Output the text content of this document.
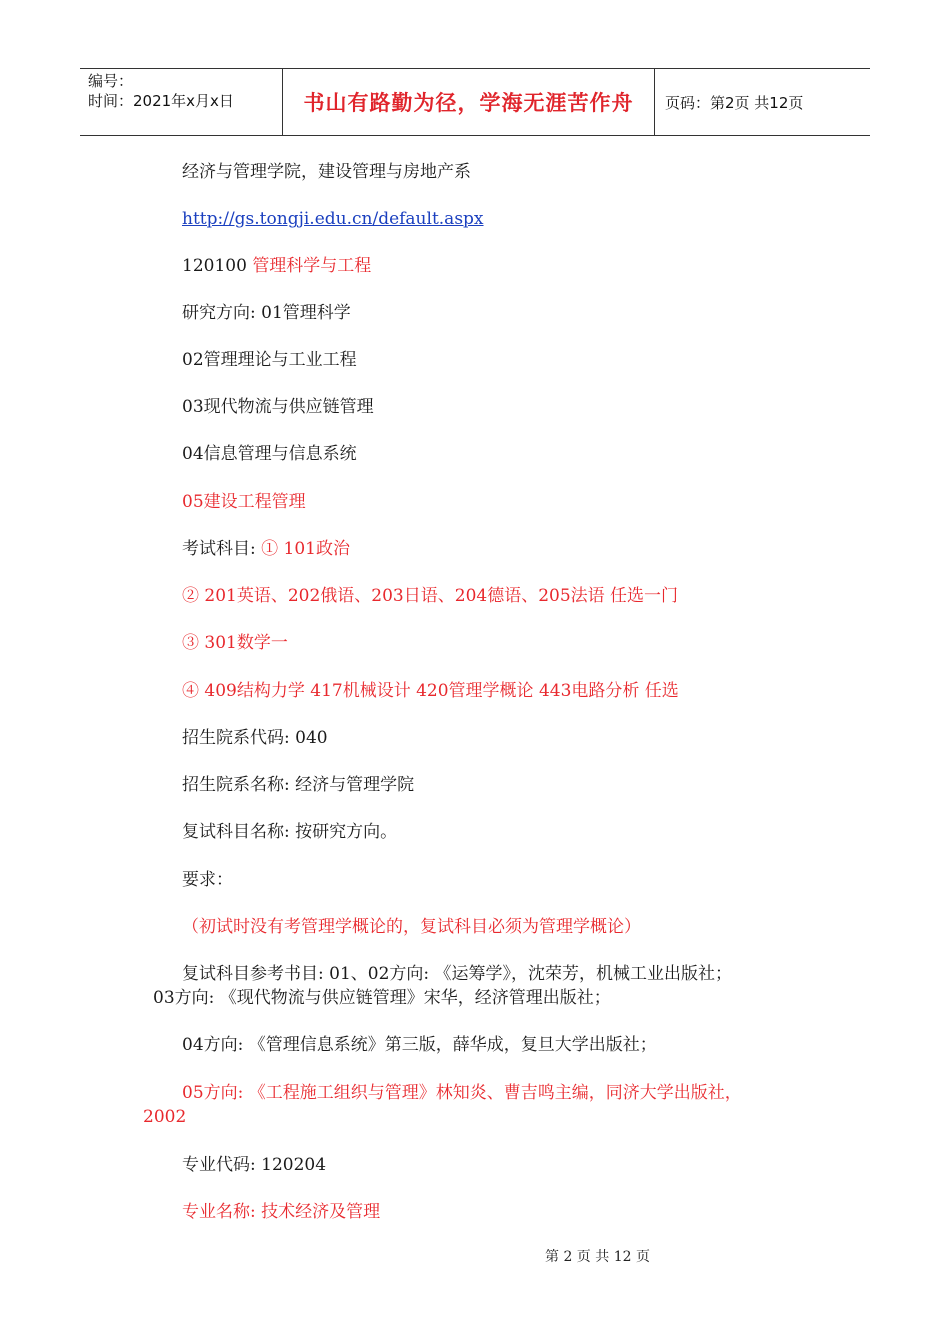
编号：
时间：2021年x月x日	书山有路勤为径，学海无涯苦作舟	页码：第2页 共12页
经济与管理学院，建设管理与房地产系
http://gs.tongji.edu.cn/default.aspx
120100 管理科学与工程
研究方向: 01管理科学
02管理理论与工业工程
03现代物流与供应链管理
04信息管理与信息系统
05建设工程管理
考试科目: ① 101政治
② 201英语、202俄语、203日语、204德语、205法语 任选一门
③ 301数学一
④ 409结构力学 417机械设计 420管理学概论 443电路分析 任选
招生院系代码: 040
招生院系名称: 经济与管理学院
复试科目名称: 按研究方向。
要求：
（初试时没有考管理学概论的，复试科目必须为管理学概论）
复试科目参考书目: 01、02方向: 《运筹学》，沈荣芳，机械工业出版社；
03方向: 《现代物流与供应链管理》宋华，经济管理出版社；
04方向: 《管理信息系统》第三版，薛华成，复旦大学出版社；
05方向: 《工程施工组织与管理》林知炎、曹吉鸣主编，同济大学出版社，
2002
专业代码: 120204
专业名称: 技术经济及管理
第 2 页 共 12 页
